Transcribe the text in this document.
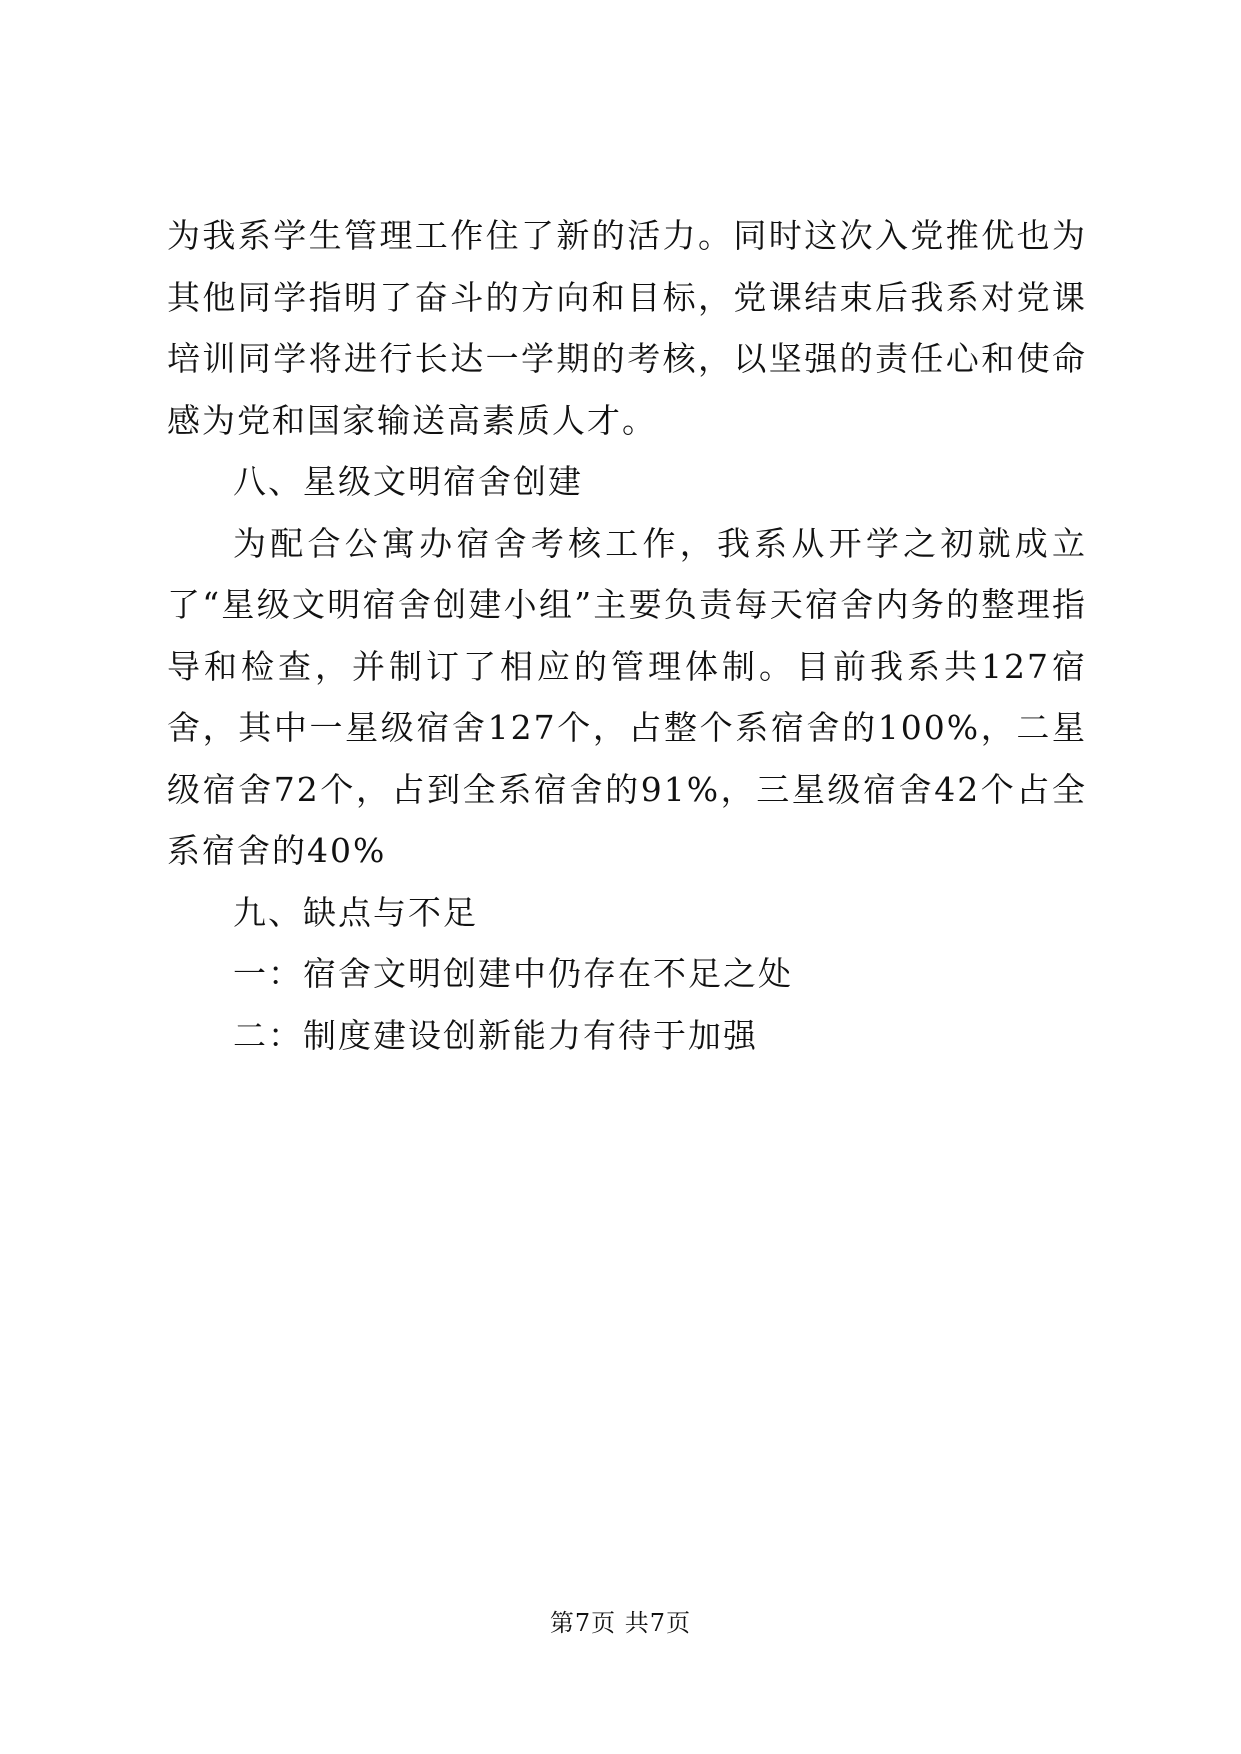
为我系学生管理工作住了新的活力。同时这次入党推优也为其他同学指明了奋斗的方向和目标，党课结束后我系对党课培训同学将进行长达一学期的考核，以坚强的责任心和使命感为党和国家输送高素质人才。

八、星级文明宿舍创建

为配合公寓办宿舍考核工作，我系从开学之初就成立了“星级文明宿舍创建小组”主要负责每天宿舍内务的整理指导和检查，并制订了相应的管理体制。目前我系共127宿舍，其中一星级宿舍127个，占整个系宿舍的100%，二星级宿舍72个，占到全系宿舍的91%，三星级宿舍42个占全系宿舍的40%

九、缺点与不足

一：宿舍文明创建中仍存在不足之处

二：制度建设创新能力有待于加强

第7页 共7页
